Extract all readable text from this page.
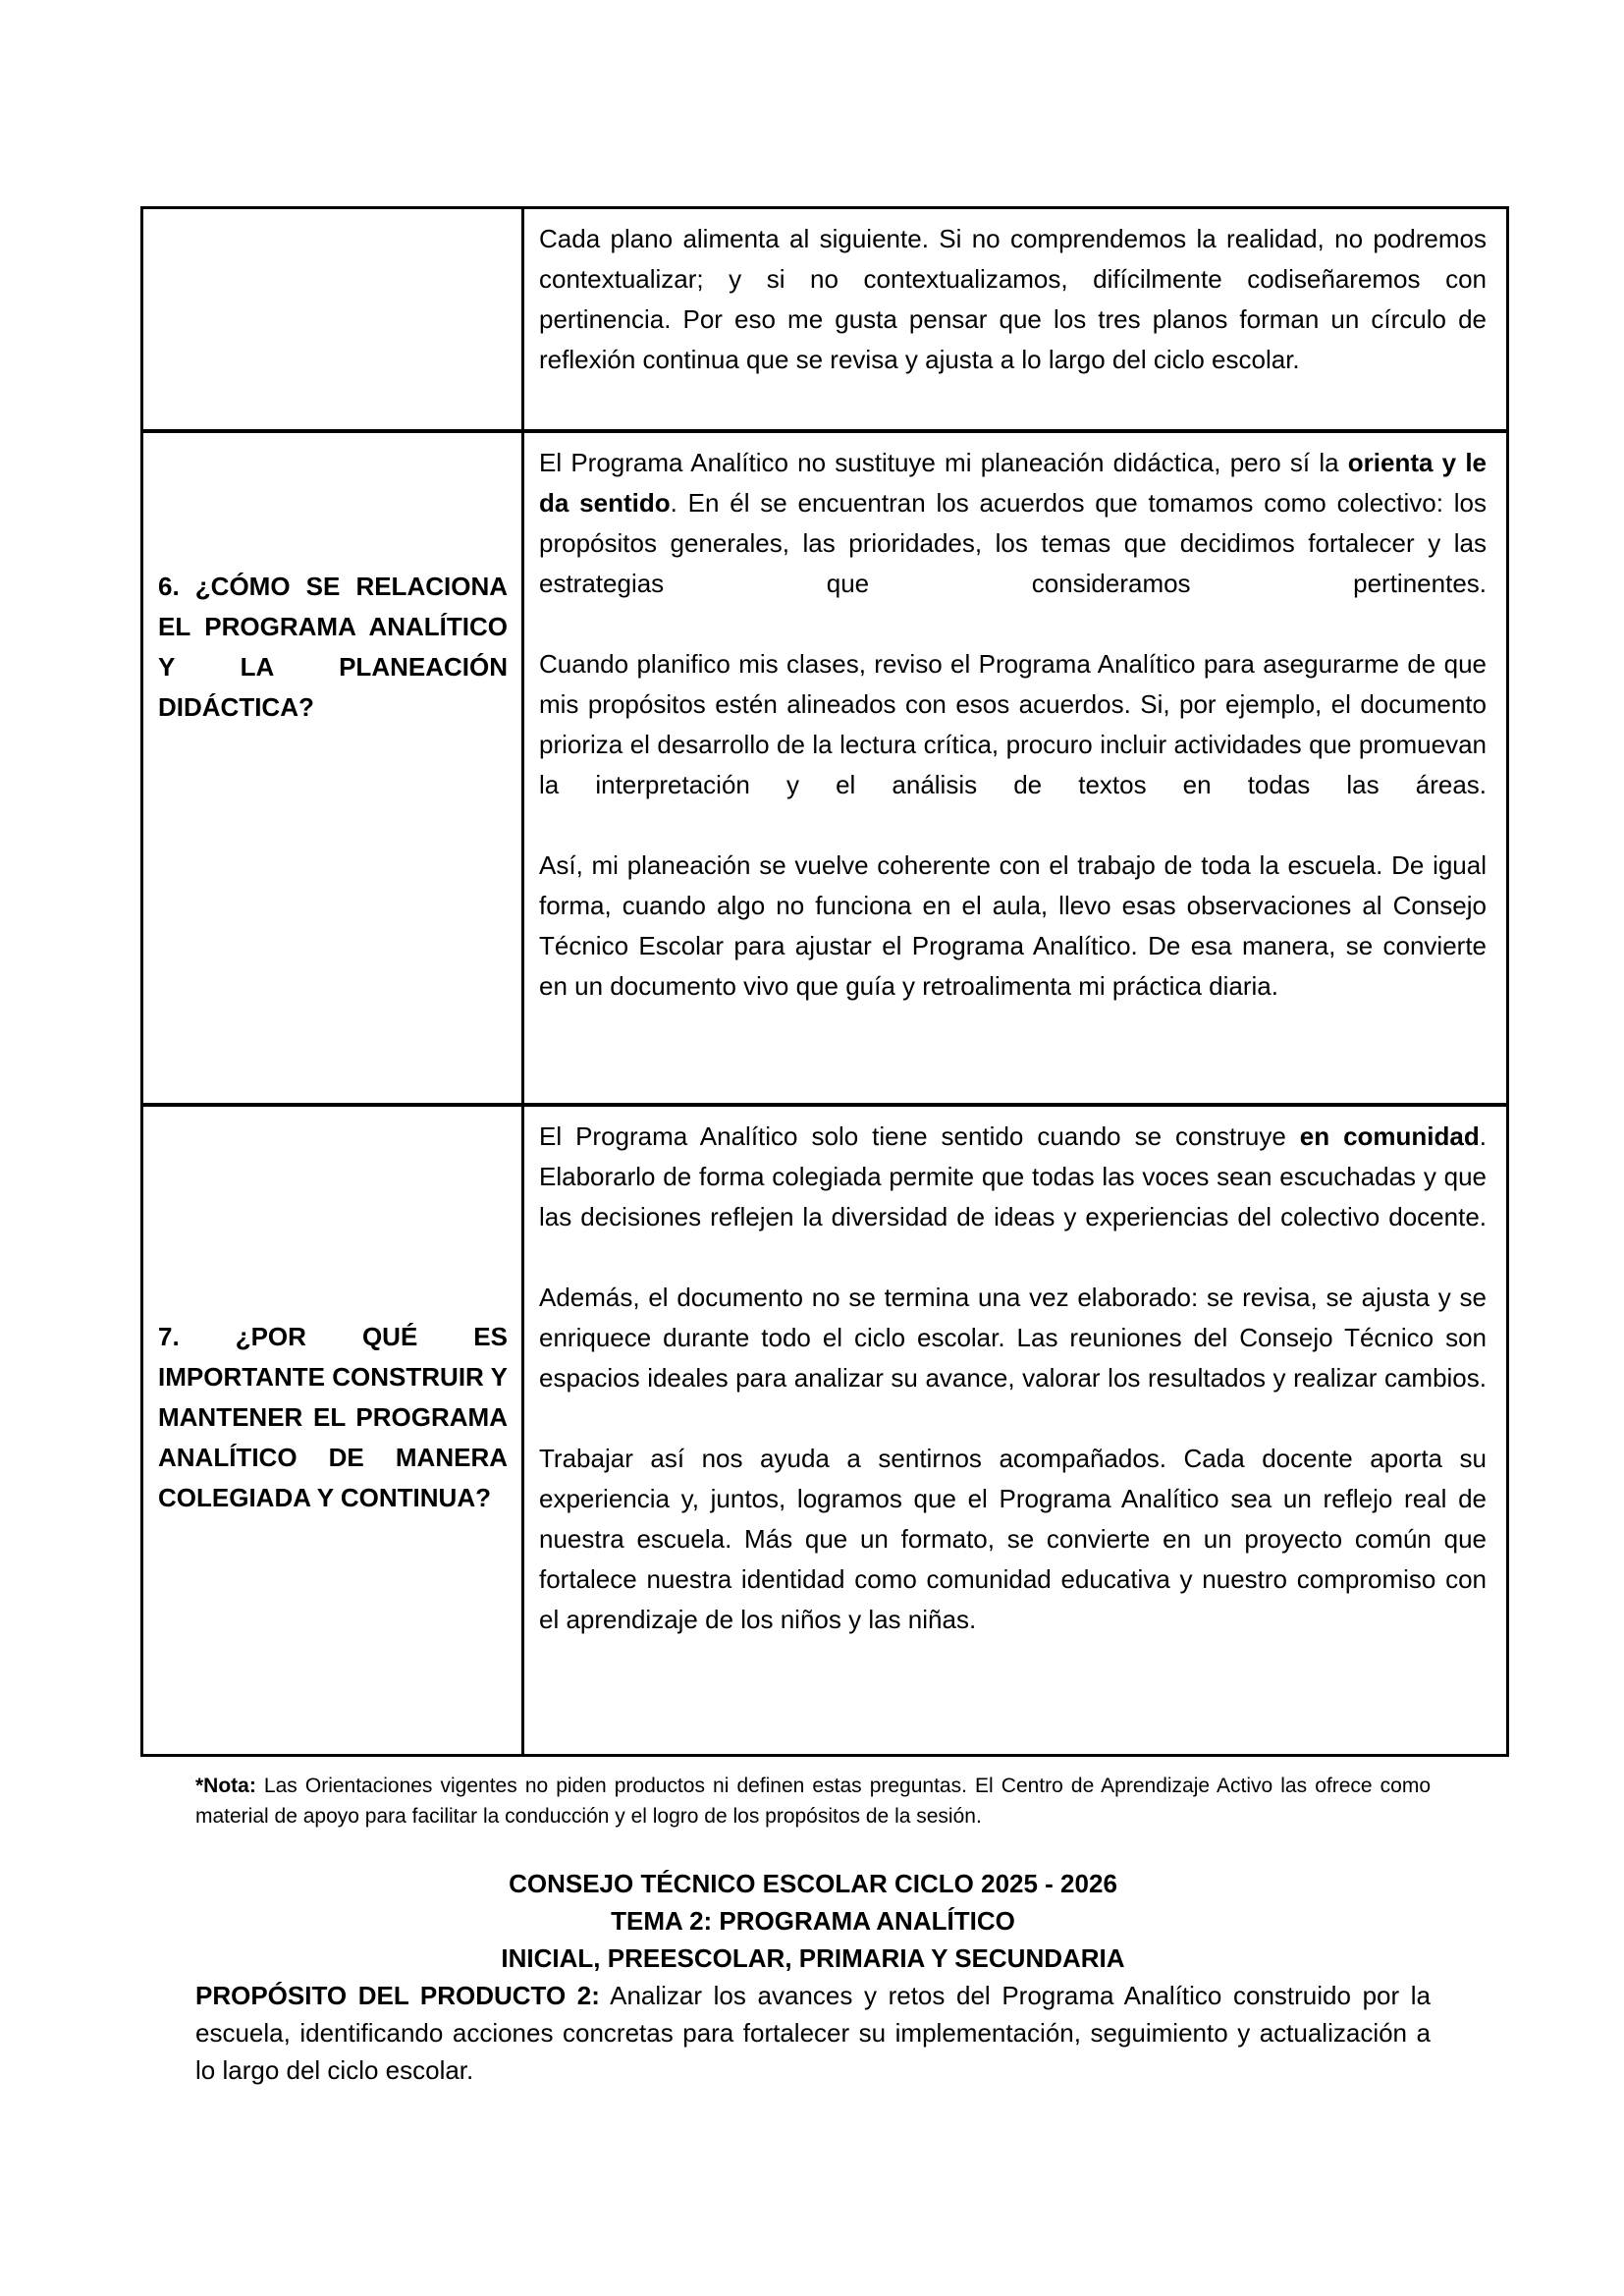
	Cada plano alimenta al siguiente. Si no comprendemos la realidad, no podremos contextualizar; y si no contextualizamos, difícilmente codiseñaremos con pertinencia. Por eso me gusta pensar que los tres planos forman un círculo de reflexión continua que se revisa y ajusta a lo largo del ciclo escolar.

6. ¿CÓMO SE RELACIONA EL PROGRAMA ANALÍTICO Y LA PLANEACIÓN DIDÁCTICA?	El Programa Analítico no sustituye mi planeación didáctica, pero sí la orienta y le da sentido. En él se encuentran los acuerdos que tomamos como colectivo: los propósitos generales, las prioridades, los temas que decidimos fortalecer y las estrategias que consideramos pertinentes.
Cuando planifico mis clases, reviso el Programa Analítico para asegurarme de que mis propósitos estén alineados con esos acuerdos. Si, por ejemplo, el documento prioriza el desarrollo de la lectura crítica, procuro incluir actividades que promuevan la interpretación y el análisis de textos en todas las áreas.
Así, mi planeación se vuelve coherente con el trabajo de toda la escuela. De igual forma, cuando algo no funciona en el aula, llevo esas observaciones al Consejo Técnico Escolar para ajustar el Programa Analítico. De esa manera, se convierte en un documento vivo que guía y retroalimenta mi práctica diaria.

7. ¿POR QUÉ ES IMPORTANTE CONSTRUIR Y MANTENER EL PROGRAMA ANALÍTICO DE MANERA COLEGIADA Y CONTINUA?	El Programa Analítico solo tiene sentido cuando se construye en comunidad. Elaborarlo de forma colegiada permite que todas las voces sean escuchadas y que las decisiones reflejen la diversidad de ideas y experiencias del colectivo docente.
Además, el documento no se termina una vez elaborado: se revisa, se ajusta y se enriquece durante todo el ciclo escolar. Las reuniones del Consejo Técnico son espacios ideales para analizar su avance, valorar los resultados y realizar cambios.
Trabajar así nos ayuda a sentirnos acompañados. Cada docente aporta su experiencia y, juntos, logramos que el Programa Analítico sea un reflejo real de nuestra escuela. Más que un formato, se convierte en un proyecto común que fortalece nuestra identidad como comunidad educativa y nuestro compromiso con el aprendizaje de los niños y las niñas.
*Nota: Las Orientaciones vigentes no piden productos ni definen estas preguntas. El Centro de Aprendizaje Activo las ofrece como material de apoyo para facilitar la conducción y el logro de los propósitos de la sesión.
CONSEJO TÉCNICO ESCOLAR CICLO 2025 - 2026
TEMA 2: PROGRAMA ANALÍTICO
INICIAL, PREESCOLAR, PRIMARIA Y SECUNDARIA
PROPÓSITO DEL PRODUCTO 2: Analizar los avances y retos del Programa Analítico construido por la escuela, identificando acciones concretas para fortalecer su implementación, seguimiento y actualización a lo largo del ciclo escolar.
